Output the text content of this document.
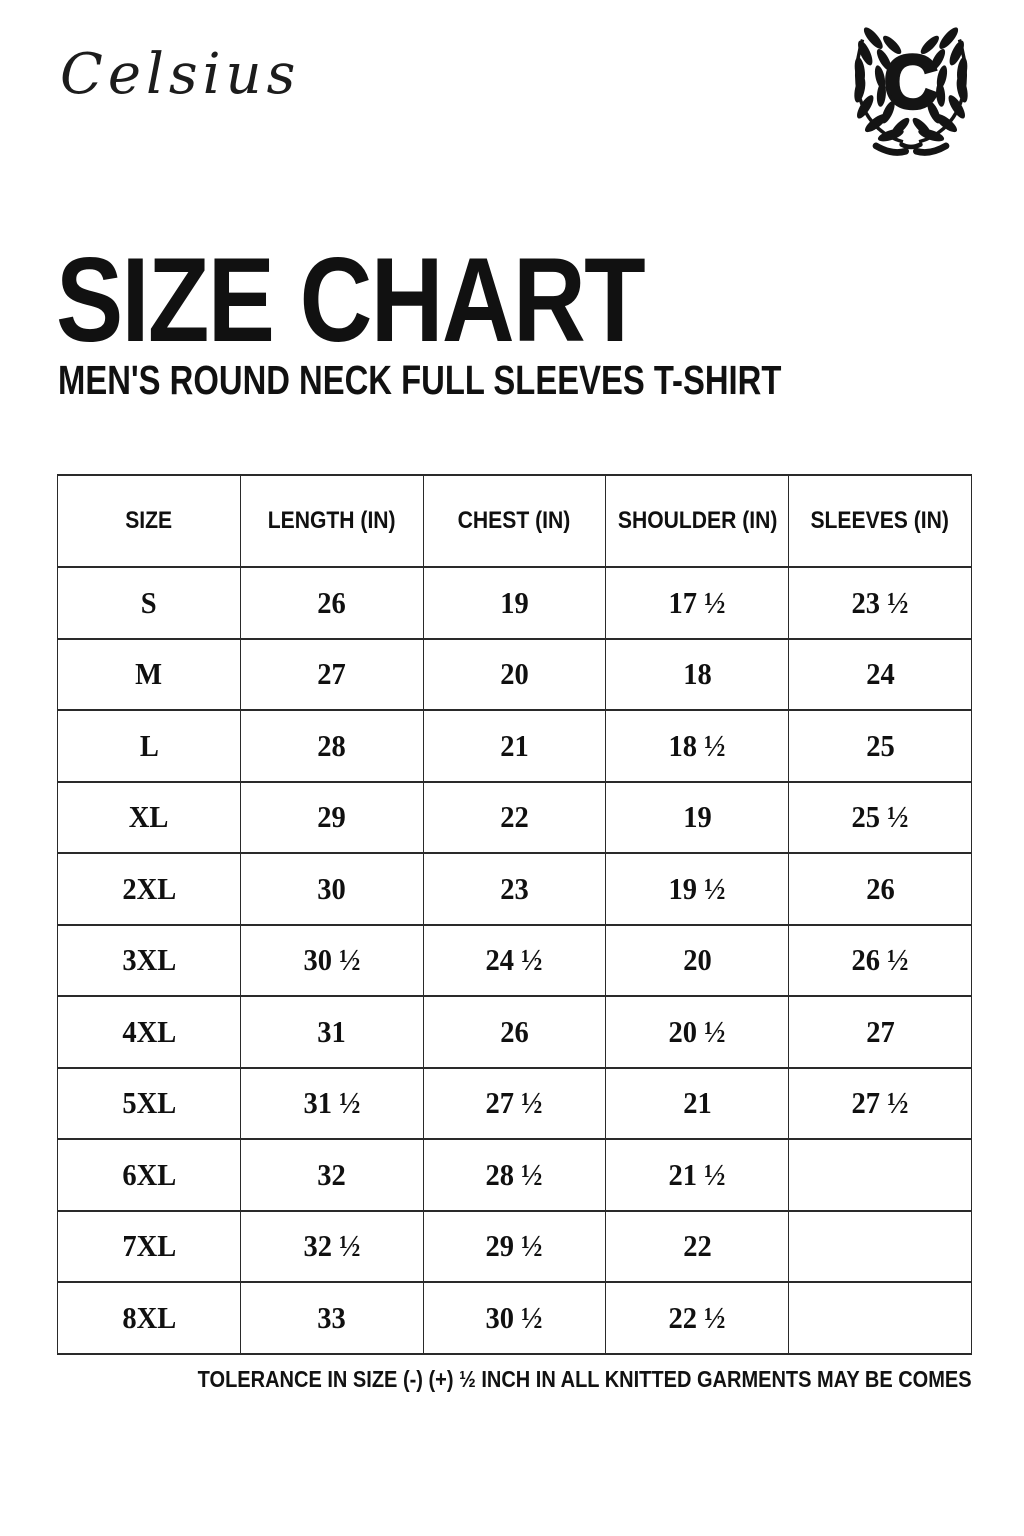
Celsius	C
SIZE CHART
MEN'S ROUND NECK FULL SLEEVES T-SHIRT
SIZE	LENGTH (IN)	CHEST (IN)	SHOULDER (IN)	SLEEVES (IN)
S	26	19	17 ½	23 ½
M	27	20	18	24
L	28	21	18 ½	25
XL	29	22	19	25 ½
2XL	30	23	19 ½	26
3XL	30 ½	24 ½	20	26 ½
4XL	31	26	20 ½	27
5XL	31 ½	27 ½	21	27 ½
6XL	32	28 ½	21 ½	
7XL	32 ½	29 ½	22	
8XL	33	30 ½	22 ½	
TOLERANCE IN SIZE (-) (+) ½ INCH IN ALL KNITTED GARMENTS MAY BE COMES
